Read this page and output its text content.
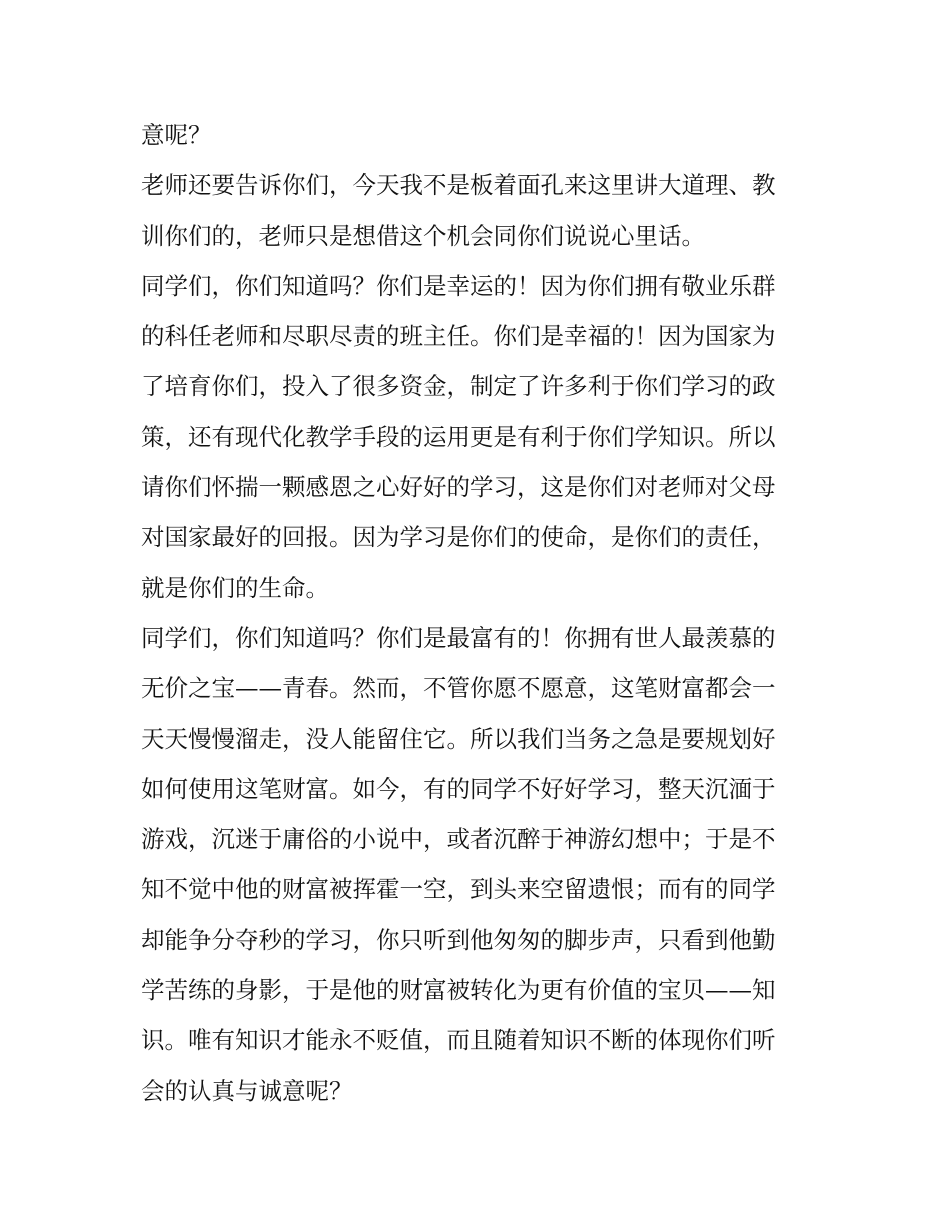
意呢？
老师还要告诉你们，今天我不是板着面孔来这里讲大道理、教
训你们的，老师只是想借这个机会同你们说说心里话。
同学们，你们知道吗？你们是幸运的！因为你们拥有敬业乐群
的科任老师和尽职尽责的班主任。你们是幸福的！因为国家为
了培育你们，投入了很多资金，制定了许多利于你们学习的政
策，还有现代化教学手段的运用更是有利于你们学知识。所以
请你们怀揣一颗感恩之心好好的学习，这是你们对老师对父母
对国家最好的回报。因为学习是你们的使命，是你们的责任，
就是你们的生命。
同学们，你们知道吗？你们是最富有的！你拥有世人最羡慕的
无价之宝——青春。然而，不管你愿不愿意，这笔财富都会一
天天慢慢溜走，没人能留住它。所以我们当务之急是要规划好
如何使用这笔财富。如今，有的同学不好好学习，整天沉湎于
游戏，沉迷于庸俗的小说中，或者沉醉于神游幻想中；于是不
知不觉中他的财富被挥霍一空，到头来空留遗恨；而有的同学
却能争分夺秒的学习，你只听到他匆匆的脚步声，只看到他勤
学苦练的身影，于是他的财富被转化为更有价值的宝贝——知
识。唯有知识才能永不贬值，而且随着知识不断的体现你们听
会的认真与诚意呢？
